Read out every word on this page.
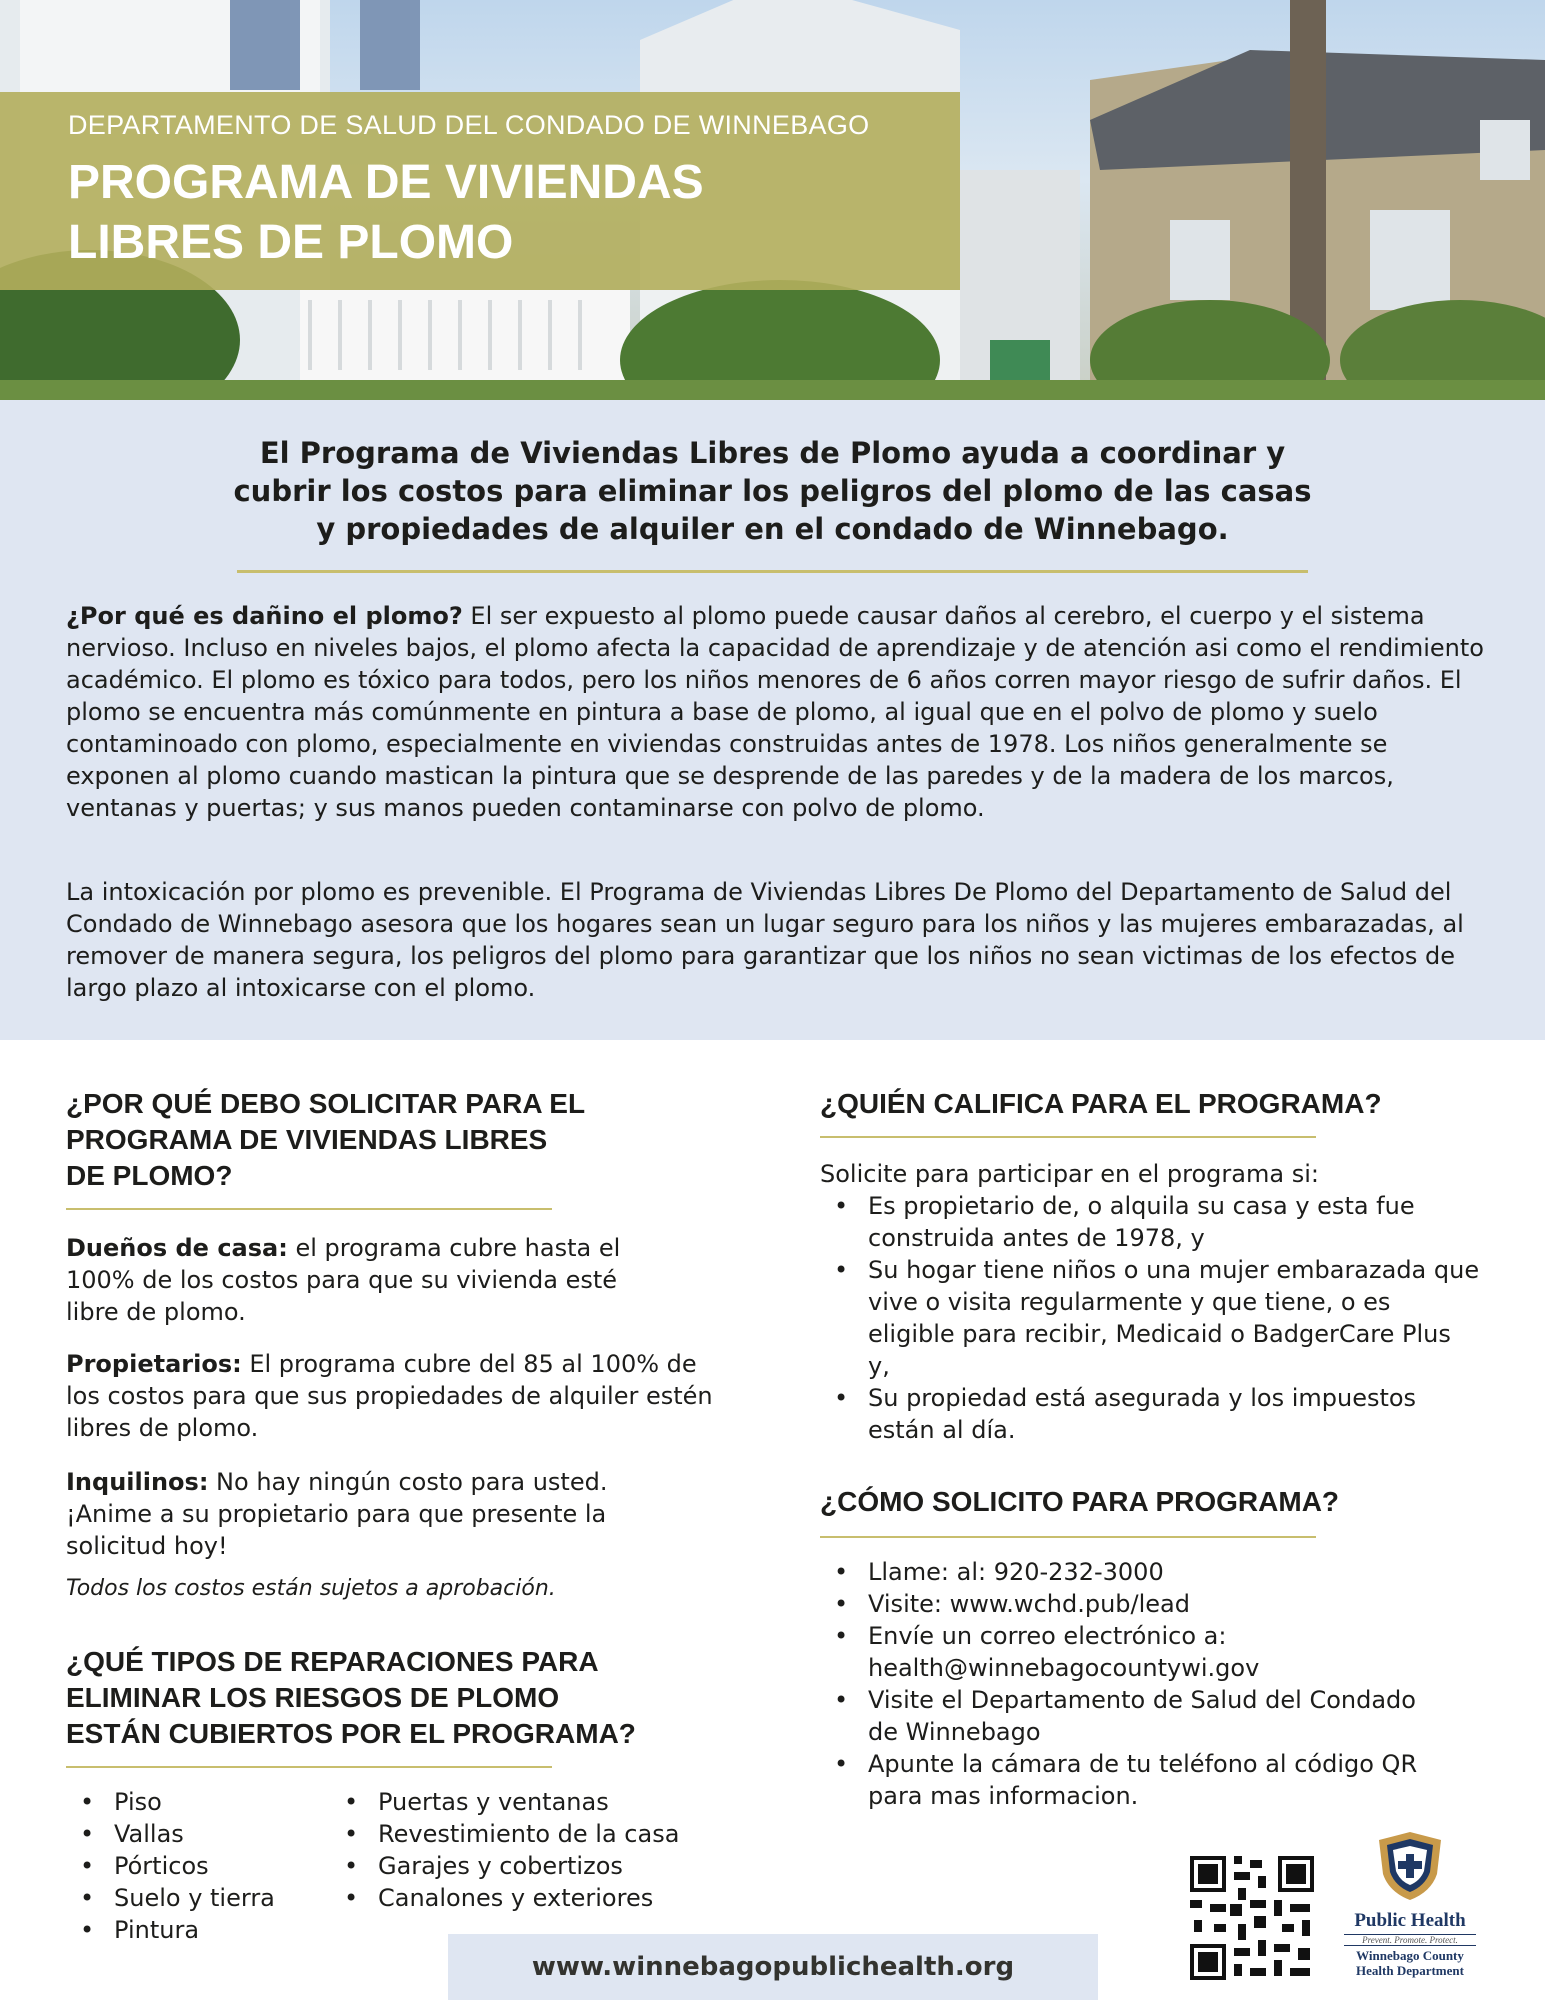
DEPARTAMENTO DE SALUD DEL CONDADO DE WINNEBAGO
PROGRAMA DE VIVIENDAS
LIBRES DE PLOMO
El Programa de Viviendas Libres de Plomo ayuda a coordinar y cubrir los costos para eliminar los peligros del plomo de las casas y propiedades de alquiler en el condado de Winnebago.

¿Por qué es dañino el plomo? El ser expuesto al plomo puede causar daños al cerebro, el cuerpo y el sistema nervioso. Incluso en niveles bajos, el plomo afecta la capacidad de aprendizaje y de atención asi como el rendimiento académico. El plomo es tóxico para todos, pero los niños menores de 6 años corren mayor riesgo de sufrir daños. El plomo se encuentra más comúnmente en pintura a base de plomo, al igual que en el polvo de plomo y suelo contaminoado con plomo, especialmente en viviendas construidas antes de 1978. Los niños generalmente se exponen al plomo cuando mastican la pintura que se desprende de las paredes y de la madera de los marcos, ventanas y puertas; y sus manos pueden contaminarse con polvo de plomo.

La intoxicación por plomo es prevenible. El Programa de Viviendas Libres De Plomo del Departamento de Salud del Condado de Winnebago asesora que los hogares sean un lugar seguro para los niños y las mujeres embarazadas, al remover de manera segura, los peligros del plomo para garantizar que los niños no sean victimas de los efectos de largo plazo al intoxicarse con el plomo.

¿POR QUÉ DEBO SOLICITAR PARA EL
PROGRAMA DE VIVIENDAS LIBRES
DE PLOMO?

Dueños de casa: el programa cubre hasta el 100% de los costos para que su vivienda esté libre de plomo.

Propietarios: El programa cubre del 85 al 100% de los costos para que sus propiedades de alquiler estén libres de plomo.

Inquilinos: No hay ningún costo para usted. ¡Anime a su propietario para que presente la solicitud hoy!

Todos los costos están sujetos a aprobación.
¿QUÉ TIPOS DE REPARACIONES PARA
ELIMINAR LOS RIESGOS DE PLOMO
ESTÁN CUBIERTOS POR EL PROGRAMA?
• Piso
• Vallas
• Pórticos
• Suelo y tierra
• Pintura
• Puertas y ventanas
• Revestimiento de la casa
• Garajes y cobertizos
• Canalones y exteriores
¿QUIÉN CALIFICA PARA EL PROGRAMA?

Solicite para participar en el programa si:

• Es propietario de, o alquila su casa y esta fue construida antes de 1978, y
• Su hogar tiene niños o una mujer embarazada que vive o visita regularmente y que tiene, o es eligible para recibir, Medicaid o BadgerCare Plus y,
• Su propiedad está asegurada y los impuestos están al día.
¿CÓMO SOLICITO PARA PROGRAMA?
• Llame: al: 920-232-3000
• Visite: www.wchd.pub/lead
• Envíe un correo electrónico a: health@winnebagocountywi.gov
• Visite el Departamento de Salud del Condado de Winnebago
• Apunte la cámara de tu teléfono al código QR para mas informacion.
www.winnebagopublichealth.org
Public Health
Prevent. Promote. Protect.
Winnebago County
Health Department
